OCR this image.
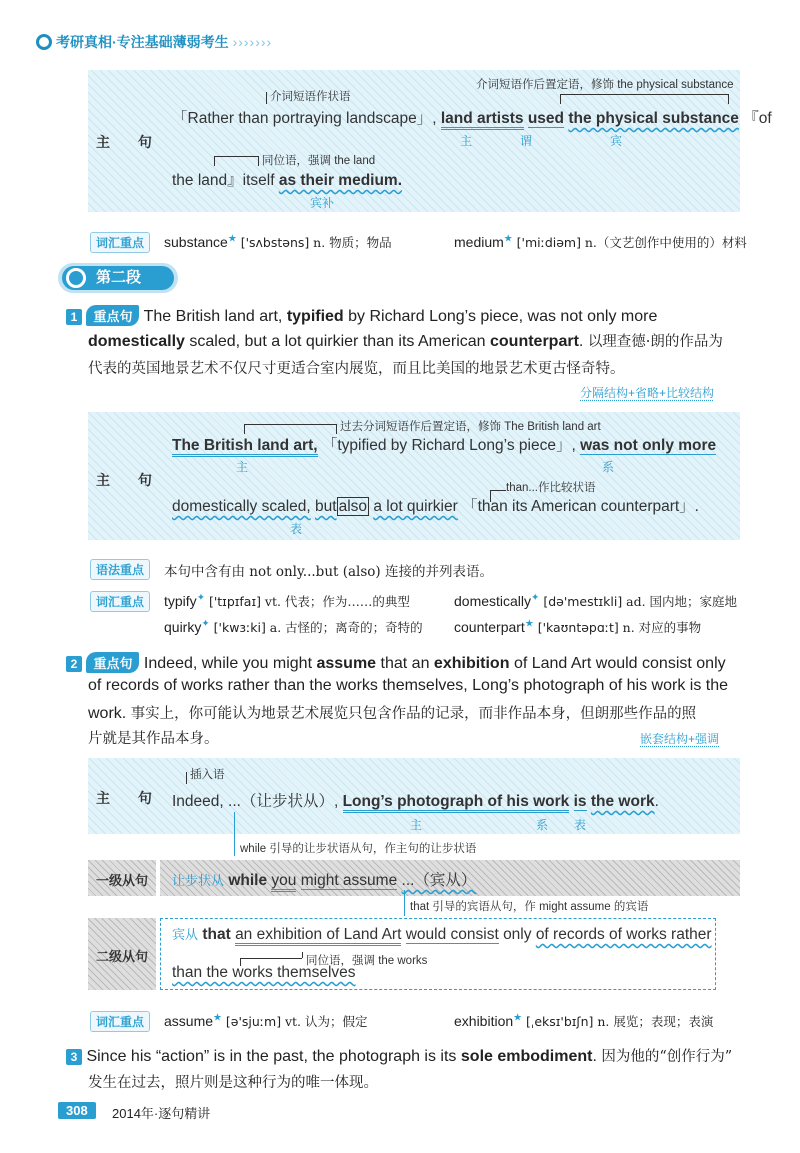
考研真相·专注基础薄弱考生 ›››››››
主 句
介词短语作状语
介词短语作后置定语，修饰 the physical substance
「Rather than portraying landscape」, land artists used the physical substance 『of
主	谓	宾
同位语，强调 the land
the land』itself as their medium.
宾补
词汇重点	substance★ ['sʌbstəns] n. 物质；物品	medium★ ['miːdiəm] n.（文艺创作中使用的）材料
第二段
1 重点句 The British land art, typified by Richard Long’s piece, was not only more
domestically scaled, but a lot quirkier than its American counterpart. 以理查德·朗的作品为
代表的英国地景艺术不仅尺寸更适合室内展览，而且比美国的地景艺术更古怪奇特。
分隔结构+省略+比较结构
主 句
过去分词短语作后置定语，修饰 The British land art
The British land art, 「typified by Richard Long’s piece」, was not only more
主	系
than...作比较状语
domestically scaled, but also a lot quirkier 「than its American counterpart」.
表
语法重点	本句中含有由 not only...but (also) 连接的并列表语。
词汇重点	typify✦ ['tɪpɪfaɪ] vt. 代表；作为……的典型	domestically✦ [də'mestɪkli] ad. 国内地；家庭地
quirky✦ ['kwɜːki] a. 古怪的；离奇的；奇特的 counterpart★ ['kaʊntəpɑːt] n. 对应的事物
2 重点句 Indeed, while you might assume that an exhibition of Land Art would consist only
of records of works rather than the works themselves, Long’s photograph of his work is the
work. 事实上，你可能认为地景艺术展览只包含作品的记录，而非作品本身，但朗那些作品的照
片就是其作品本身。	嵌套结构+强调
主 句
插入语
Indeed, ...（让步状从）, Long’s photograph of his work is the work.
主	系 表
while 引导的让步状语从句，作主句的让步状语
一级从句 让步状从 while you might assume ...（宾从）
that 引导的宾语从句，作 might assume 的宾语
二级从句
宾从 that an exhibition of Land Art would consist only of records of works rather
同位语，强调 the works
than the works themselves
词汇重点	assume★ [ə'sjuːm] vt. 认为；假定	exhibition★ [ˌeksɪ'bɪʃn] n. 展览；表现；表演
3 Since his “action” is in the past, the photograph is its sole embodiment. 因为他的“创作行为”
发生在过去，照片则是这种行为的唯一体现。
308	2014年·逐句精讲
